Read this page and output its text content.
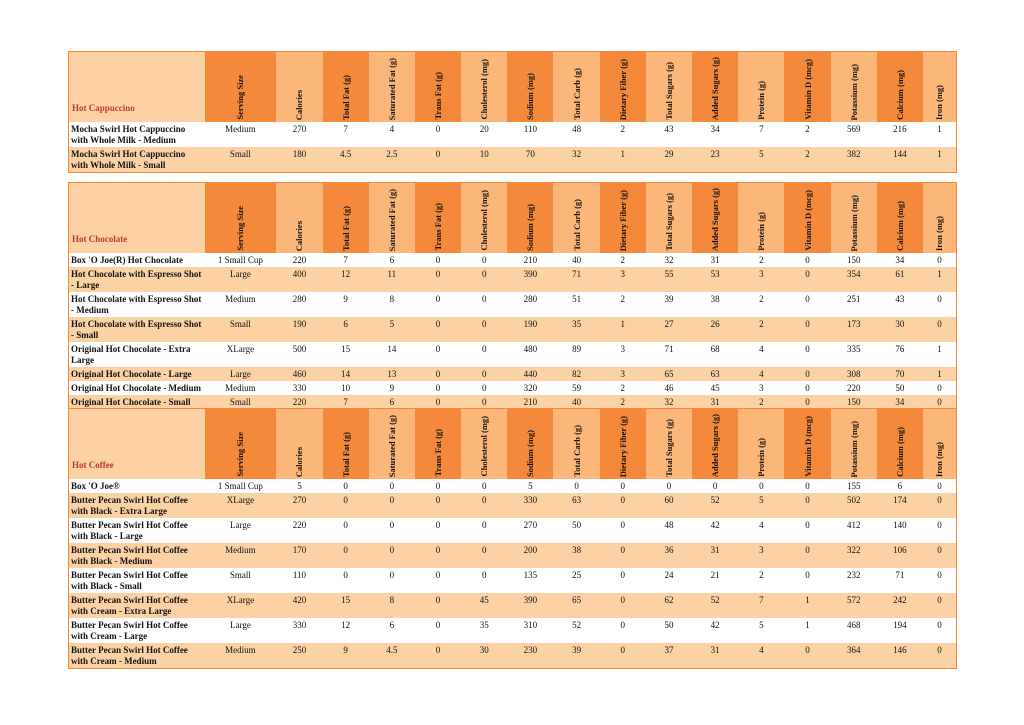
Hot Cappuccino	Serving Size	Calories	Total Fat (g)	Saturated Fat (g)	Trans Fat (g)	Cholesterol (mg)	Sodium (mg)	Total Carb (g)	Dietary Fiber (g)	Total Sugars (g)	Added Sugars (g)	Protein (g)	Vitamin D (mcg)	Potassium (mg)	Calcium (mg)	Iron (mg)
Mocha Swirl Hot Cappuccino with Whole Milk - Medium	Medium	270	7	4	0	20	110	48	2	43	34	7	2	569	216	1
Mocha Swirl Hot Cappuccino with Whole Milk - Small	Small	180	4.5	2.5	0	10	70	32	1	29	23	5	2	382	144	1
Hot Chocolate	Serving Size	Calories	Total Fat (g)	Saturated Fat (g)	Trans Fat (g)	Cholesterol (mg)	Sodium (mg)	Total Carb (g)	Dietary Fiber (g)	Total Sugars (g)	Added Sugars (g)	Protein (g)	Vitamin D (mcg)	Potassium (mg)	Calcium (mg)	Iron (mg)
Box 'O Joe(R) Hot Chocolate	1 Small Cup	220	7	6	0	0	210	40	2	32	31	2	0	150	34	0
Hot Chocolate with Espresso Shot - Large	Large	400	12	11	0	0	390	71	3	55	53	3	0	354	61	1
Hot Chocolate with Espresso Shot - Medium	Medium	280	9	8	0	0	280	51	2	39	38	2	0	251	43	0
Hot Chocolate with Espresso Shot - Small	Small	190	6	5	0	0	190	35	1	27	26	2	0	173	30	0
Original Hot Chocolate - Extra Large	XLarge	500	15	14	0	0	480	89	3	71	68	4	0	335	76	1
Original Hot Chocolate - Large	Large	460	14	13	0	0	440	82	3	65	63	4	0	308	70	1
Original Hot Chocolate - Medium	Medium	330	10	9	0	0	320	59	2	46	45	3	0	220	50	0
Original Hot Chocolate - Small	Small	220	7	6	0	0	210	40	2	32	31	2	0	150	34	0
Hot Coffee	Serving Size	Calories	Total Fat (g)	Saturated Fat (g)	Trans Fat (g)	Cholesterol (mg)	Sodium (mg)	Total Carb (g)	Dietary Fiber (g)	Total Sugars (g)	Added Sugars (g)	Protein (g)	Vitamin D (mcg)	Potassium (mg)	Calcium (mg)	Iron (mg)
Box 'O Joe®	1 Small Cup	5	0	0	0	0	5	0	0	0	0	0	0	155	6	0
Butter Pecan Swirl Hot Coffee with Black - Extra Large	XLarge	270	0	0	0	0	330	63	0	60	52	5	0	502	174	0
Butter Pecan Swirl Hot Coffee with Black - Large	Large	220	0	0	0	0	270	50	0	48	42	4	0	412	140	0
Butter Pecan Swirl Hot Coffee with Black - Medium	Medium	170	0	0	0	0	200	38	0	36	31	3	0	322	106	0
Butter Pecan Swirl Hot Coffee with Black - Small	Small	110	0	0	0	0	135	25	0	24	21	2	0	232	71	0
Butter Pecan Swirl Hot Coffee with Cream - Extra Large	XLarge	420	15	8	0	45	390	65	0	62	52	7	1	572	242	0
Butter Pecan Swirl Hot Coffee with Cream - Large	Large	330	12	6	0	35	310	52	0	50	42	5	1	468	194	0
Butter Pecan Swirl Hot Coffee with Cream - Medium	Medium	250	9	4.5	0	30	230	39	0	37	31	4	0	364	146	0
